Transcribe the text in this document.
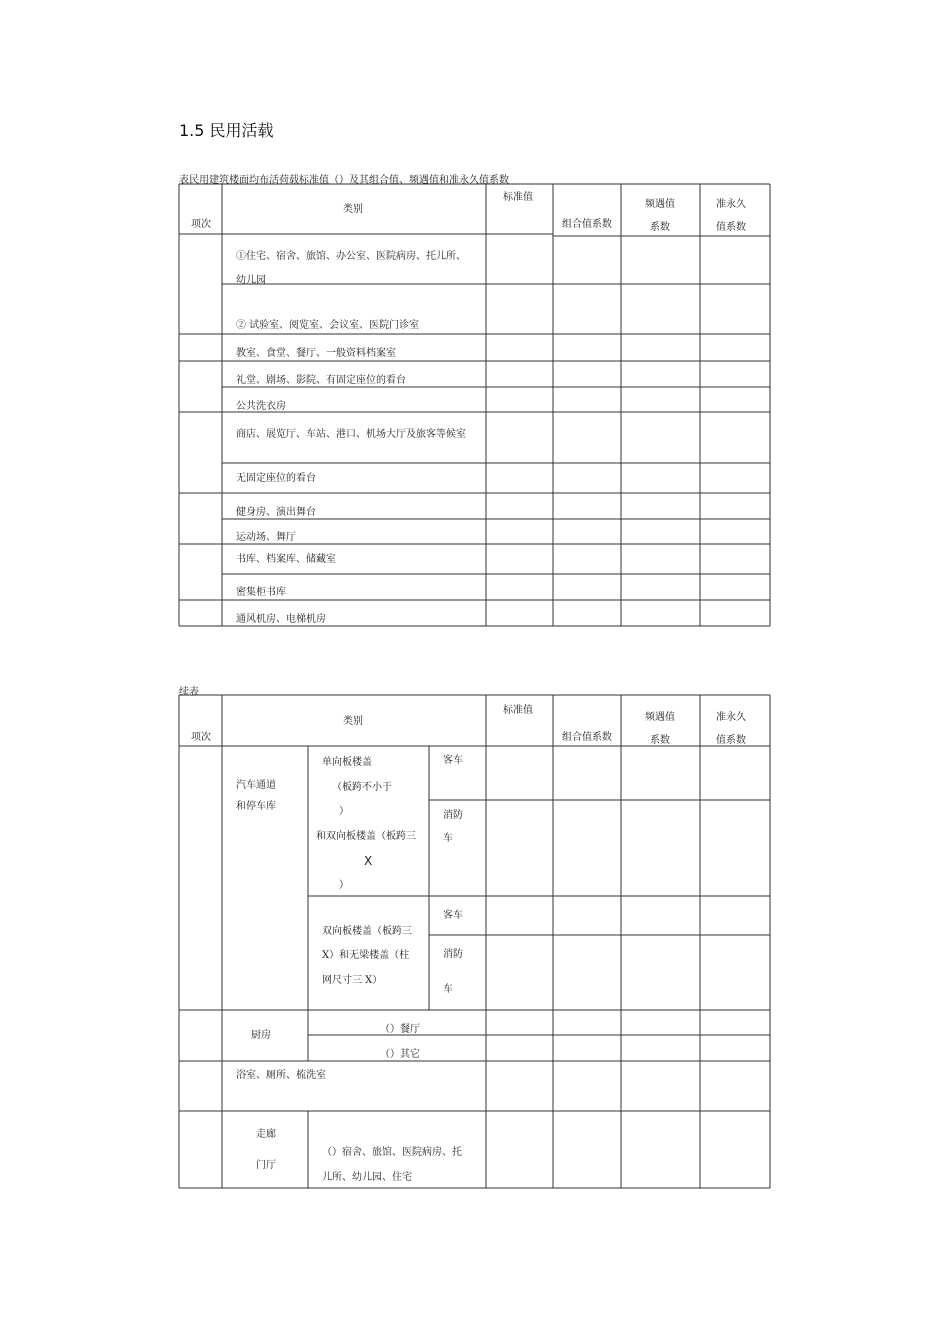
1.5 民用活载
表民用建筑楼面均布活荷载标准值（）及其组合值、频遇值和准永久值系数
项次
类别
标准值
组合值系数
频遇值
系数
准永久
值系数
①住宅、宿舍、旅馆、办公室、医院病房、托儿所、幼儿园
② 试验室、阅览室、会议室、医院门诊室
教室、食堂、餐厅、一般资料档案室
礼堂、剧场、影院、有固定座位的看台
公共洗衣房
商店、展览厅、车站、港口、机场大厅及旅客等候室
无固定座位的看台
健身房、演出舞台
运动场、舞厅
书库、档案库、储藏室
密集柜书库
通风机房、电梯机房
续表
项次
类别
标准值
组合值系数
频遇值
系数
准永久
值系数
汽车通道
和停车库
单向板楼盖
（板跨不小于
）
和双向板楼盖（板跨三
X
）
双向板楼盖（板跨三
X）和无梁楼盖（柱
网尺寸三 X）
客车
消防
车
客车
消防
车
厨房
（）餐厅
（）其它
浴室、厕所、梳洗室
走廊
门厅
（）宿舍、旅馆、医院病房、托
儿所、幼儿园、住宅
